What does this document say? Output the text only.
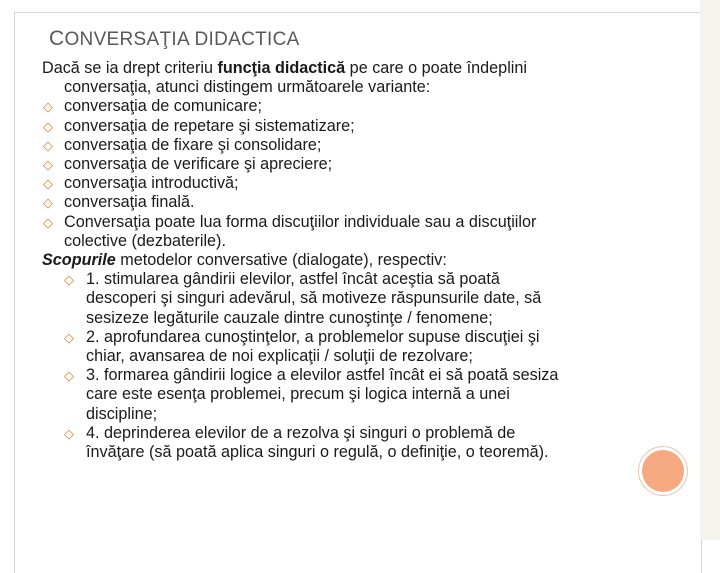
CONVERSAŢIA DIDACTICA
Dacă se ia drept criteriu funcţia didactică pe care o poate îndeplini
conversaţia, atunci distingem următoarele variante:
◇ conversaţia de comunicare;
◇ conversaţia de repetare şi sistematizare;
◇ conversaţia de fixare şi consolidare;
◇ conversaţia de verificare şi apreciere;
◇ conversaţia introductivă;
◇ conversaţia finală.
◇ Conversaţia poate lua forma discuţiilor individuale sau a discuţiilor
colective (dezbaterile).
Scopurile metodelor conversative (dialogate), respectiv:
◇ 1. stimularea gândirii elevilor, astfel încât aceştia să poată
descoperi şi singuri adevărul, să motiveze răspunsurile date, să
sesizeze legăturile cauzale dintre cunoştinţe / fenomene;
◇ 2. aprofundarea cunoştinţelor, a problemelor supuse discuţiei şi
chiar, avansarea de noi explicaţii / soluţii de rezolvare;
◇ 3. formarea gândirii logice a elevilor astfel încât ei să poată sesiza
care este esenţa problemei, precum şi logica internă a unei
discipline;
◇ 4. deprinderea elevilor de a rezolva şi singuri o problemă de
învăţare (să poată aplica singuri o regulă, o definiţie, o teoremă).
